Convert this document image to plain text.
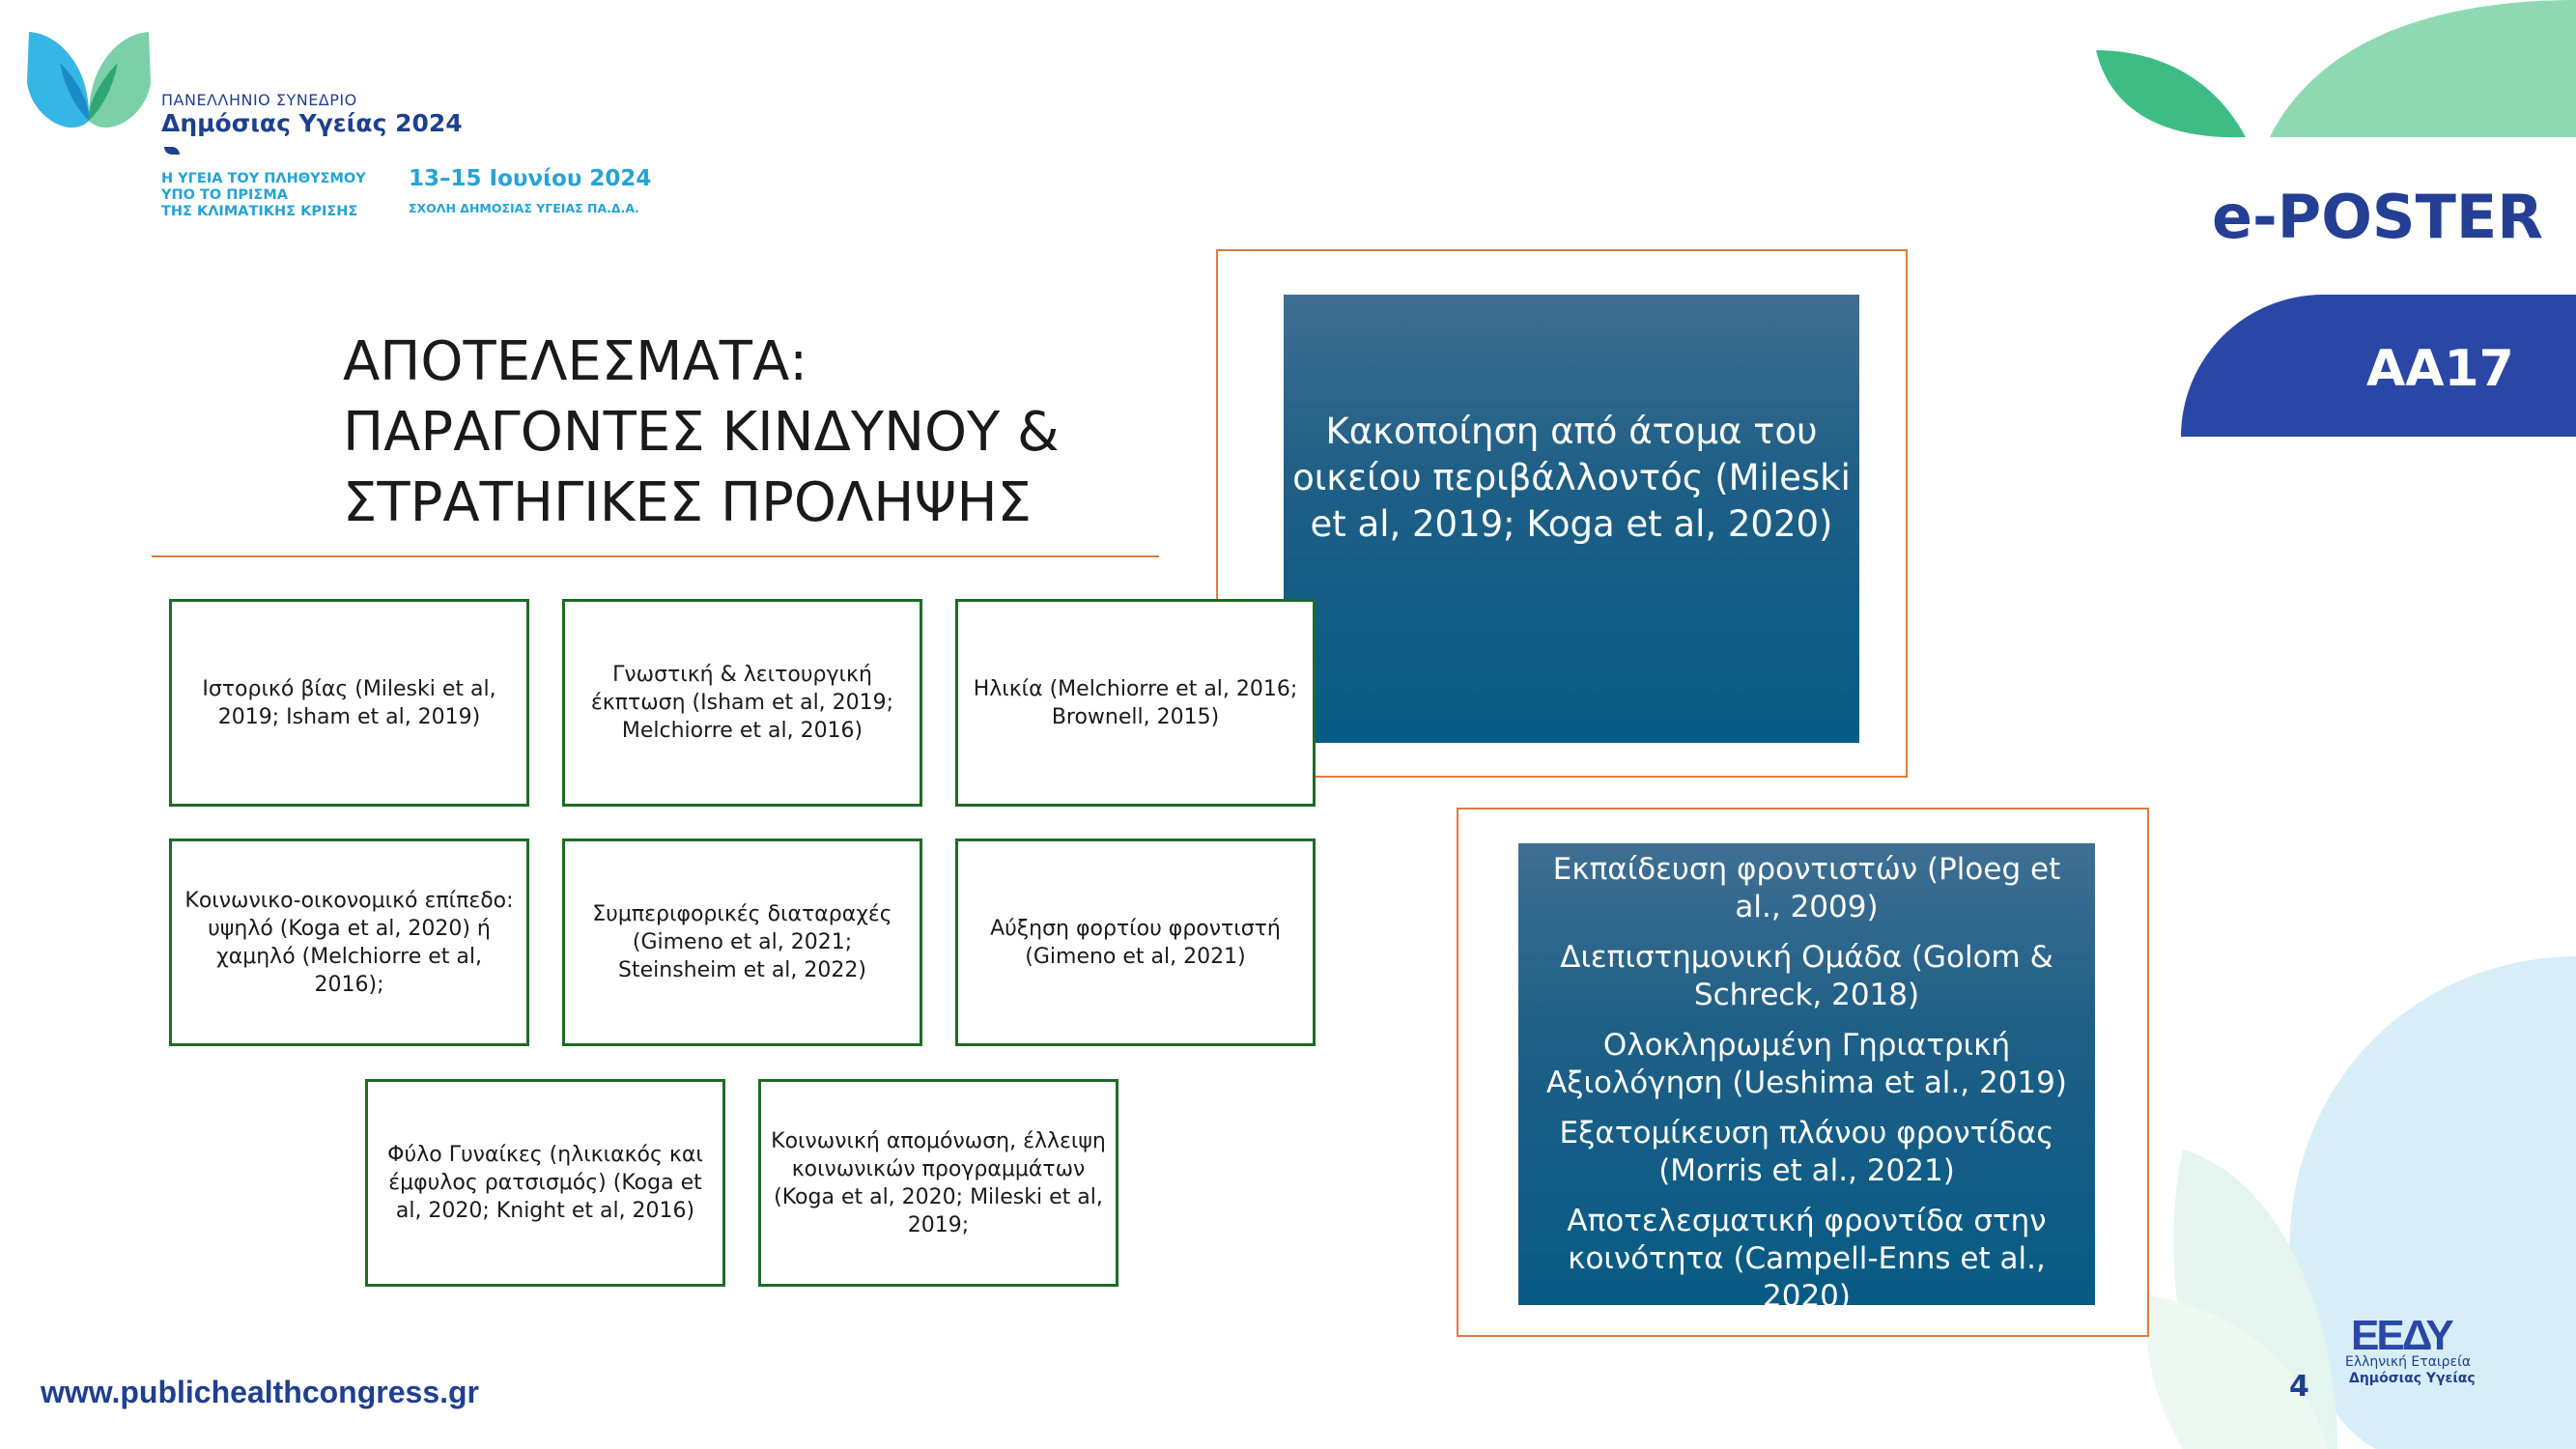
ΠΑΝΕΛΛΗΝΙΟ ΣΥΝΕΔΡΙΟ
Δημόσιας Υγείας 2024
Η ΥΓΕΙΑ ΤΟΥ ΠΛΗΘΥΣΜΟΥ
ΥΠΟ ΤΟ ΠΡΙΣΜΑ
ΤΗΣ ΚΛΙΜΑΤΙΚΗΣ ΚΡΙΣΗΣ
13–15 Ιουνίου 2024
ΣΧΟΛΗ ΔΗΜΟΣΙΑΣ ΥΓΕΙΑΣ ΠΑ.Δ.Α.	e-POSTER
ΑΑ17
ΑΠΟΤΕΛΕΣΜΑΤΑ:
ΠΑΡΑΓΟΝΤΕΣ ΚΙΝΔΥΝΟΥ &
ΣΤΡΑΤΗΓΙΚΕΣ ΠΡΟΛΗΨΗΣ
Κακοποίηση από άτομα του οικείου περιβάλλοντός (Mileski et al, 2019; Koga et al, 2020)
Ιστορικό βίας (Mileski et al, 2019; Isham et al, 2019)
Γνωστική & λειτουργική έκπτωση (Isham et al, 2019; Melchiorre et al, 2016)
Ηλικία (Melchiorre et al, 2016; Brownell, 2015)
Κοινωνικο-οικονομικό επίπεδο: υψηλό (Koga et al, 2020) ή χαμηλό (Melchiorre et al, 2016);
Συμπεριφορικές διαταραχές (Gimeno et al, 2021; Steinsheim et al, 2022)
Αύξηση φορτίου φροντιστή (Gimeno et al, 2021)
Φύλο Γυναίκες (ηλικιακός και έμφυλος ρατσισμός) (Koga et al, 2020; Knight et al, 2016)
Κοινωνική απομόνωση, έλλειψη κοινωνικών προγραμμάτων (Koga et al, 2020; Mileski et al, 2019;
Εκπαίδευση φροντιστών (Ploeg et al., 2009)
Διεπιστημονική Ομάδα (Golom & Schreck, 2018)
Ολοκληρωμένη Γηριατρική Αξιολόγηση (Ueshima et al., 2019)
Εξατομίκευση πλάνου φροντίδας (Morris et al., 2021)
Αποτελεσματική φροντίδα στην κοινότητα (Campell-Enns et al., 2020)
www.publichealthcongress.gr	4
ΕΕΔΥ
Ελληνική Εταιρεία
Δημόσιας Υγείας
